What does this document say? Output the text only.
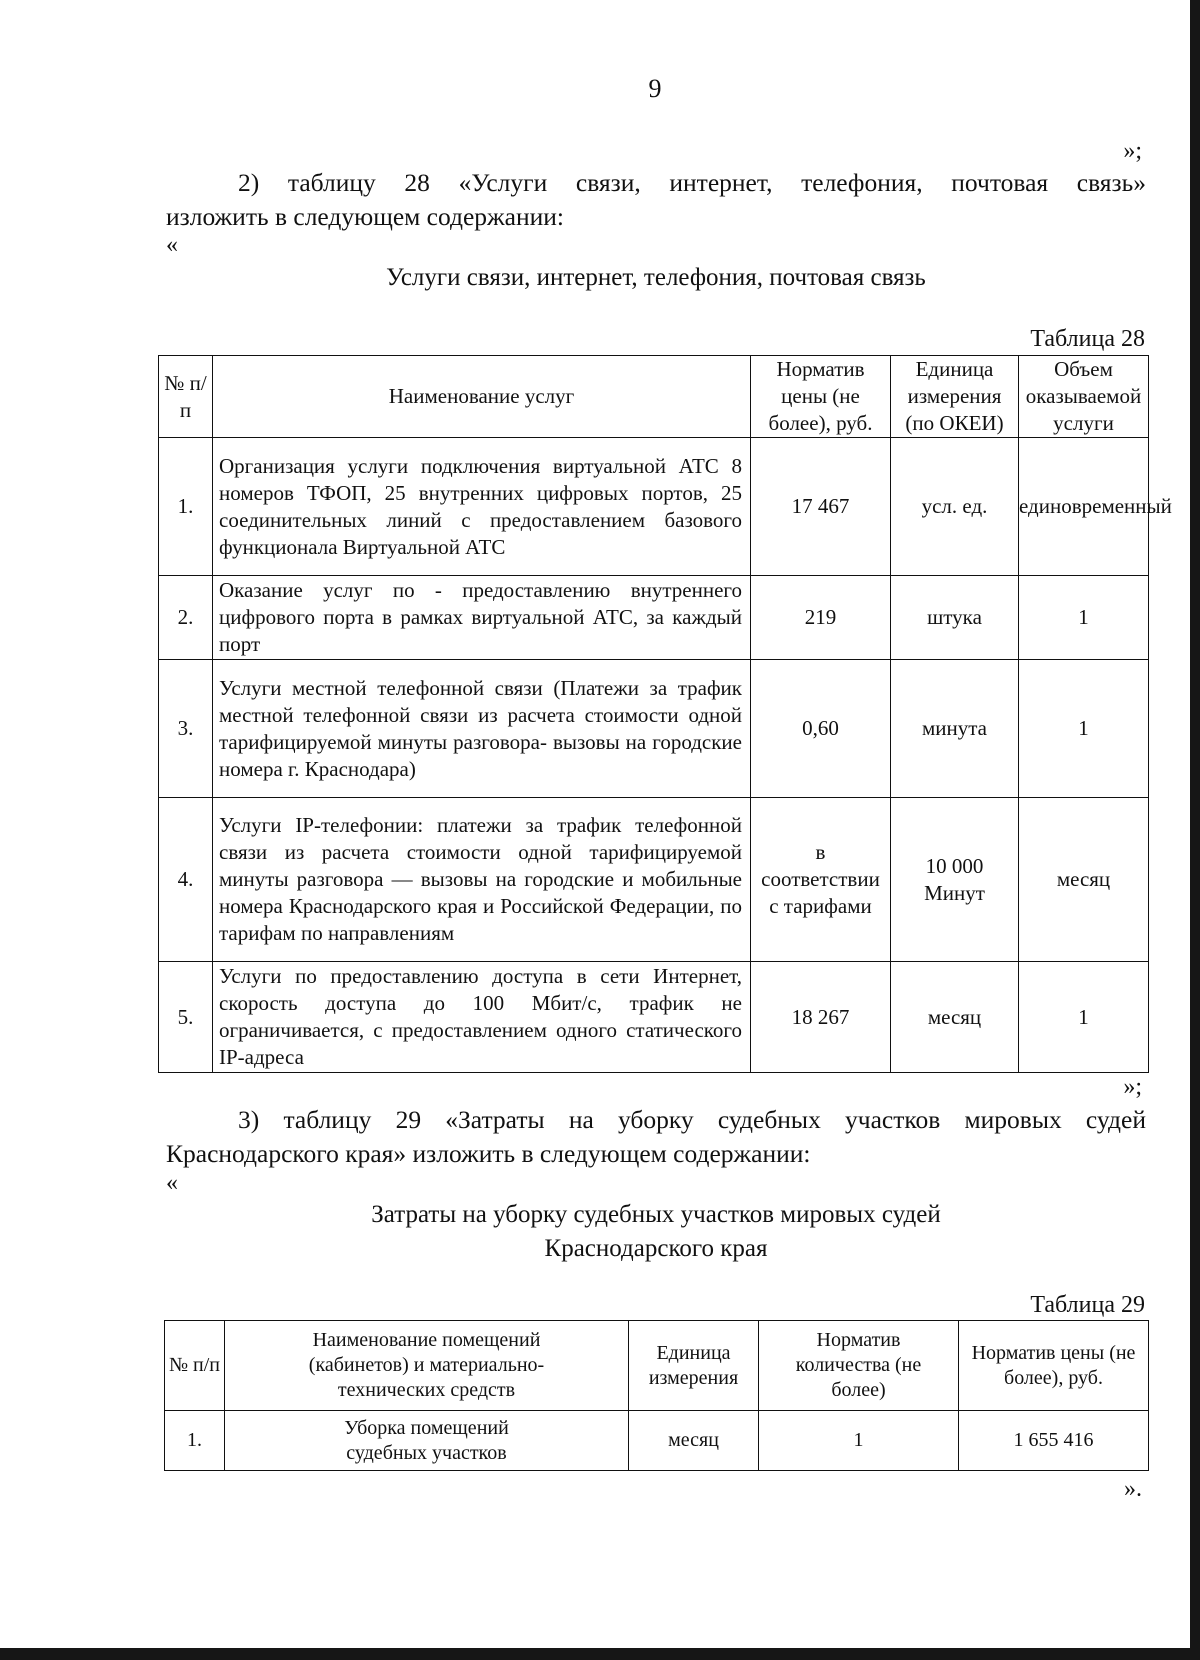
9
»;

2) таблицу 28 «Услуги связи, интернет, телефония, почтовая связь»

изложить в следующем содержании:
«
Услуги связи, интернет, телефония, почтовая связь
Таблица 28
№ п/п	Наименование услуг	Норматив цены (не более), руб.	Единица измерения (по ОКЕИ)	Объем оказываемой услуги
1.	Организация услуги подключения виртуальной АТС 8 номеров ТФОП, 25 внутренних цифровых портов, 25 соединительных линий с предоставлением базового функционала Виртуальной АТС	17 467	усл. ед.	единовременный
2.	Оказание услуг по - предоставлению внутреннего цифрового порта в рамках виртуальной АТС, за каждый порт	219	штука	1
3.	Услуги местной телефонной связи (Платежи за трафик местной телефонной связи из расчета стоимости одной тарифицируемой минуты разговора- вызовы на городские номера г. Краснодара)	0,60	минута	1
4.	Услуги IP-телефонии: платежи за трафик телефонной связи из расчета стоимости одной тарифицируемой минуты разговора — вызовы на городские и мобильные номера Краснодарского края и Российской Федерации, по тарифам по направлениям	в соответствии с тарифами	10 000 Минут	месяц
5.	Услуги по предоставлению доступа в сети Интернет, скорость доступа до 100 Мбит/с, трафик не ограничивается, с предоставлением одного статического IP-адреса	18 267	месяц	1
»;

3) таблицу 29 «Затраты на уборку судебных участков мировых судей

Краснодарского края» изложить в следующем содержании:
«
Затраты на уборку судебных участков мировых судей
Краснодарского края
Таблица 29
№ п/п	Наименование помещений (кабинетов) и материально-технических средств	Единица измерения	Норматив количества (не более)	Норматив цены (не более), руб.
1.	Уборка помещений судебных участков	месяц	1	1 655 416
».
